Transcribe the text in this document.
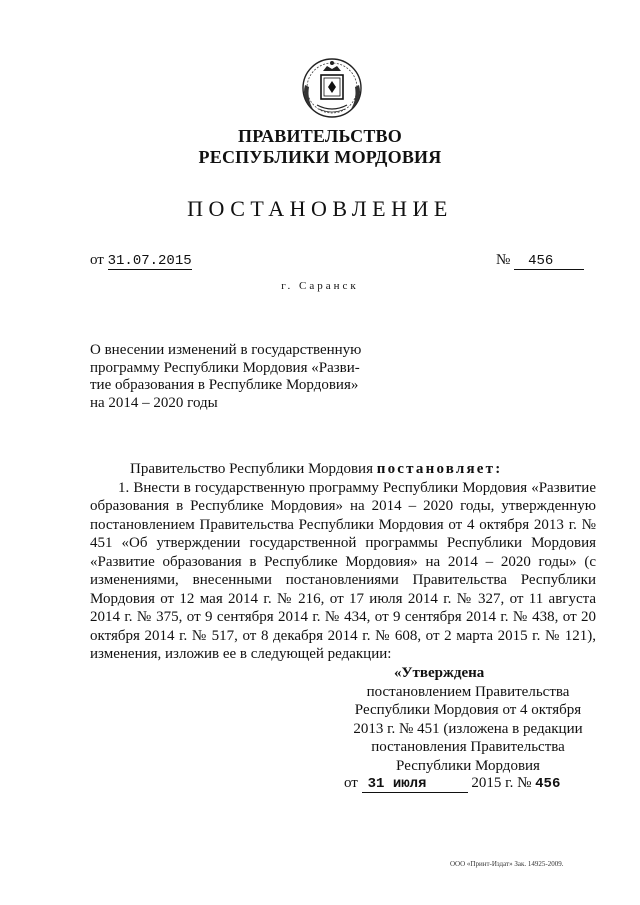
ПРАВИТЕЛЬСТВО
РЕСПУБЛИКИ МОРДОВИЯ
ПОСТАНОВЛЕНИЕ
от 31.07.2015	№ 456
г. Саранск
О внесении изменений в государственную
программу Республики Мордовия «Разви-
тие образования в Республике Мордовия»
на 2014 – 2020 годы

Правительство Республики Мордовия постановляет:

1. Внести в государственную программу Республики Мордовия «Развитие образования в Республике Мордовия» на 2014 – 2020 годы, утвержденную постановлением Правительства Республики Мордовия от 4 октября 2013 г. № 451 «Об утверждении государственной программы Республики Мордовия «Развитие образования в Республике Мордовия» на 2014 – 2020 годы» (с изменениями, внесенными постановлениями Правительства Республики Мордовия от 12 мая 2014 г. № 216, от 17 июля 2014 г. № 327, от 11 августа 2014 г. № 375, от 9 сентября 2014 г. № 434, от 9 сентября 2014 г. № 438, от 20 октября 2014 г. № 517, от 8 декабря 2014 г. № 608, от 2 марта 2015 г. № 121), изменения, изложив ее в следующей редакции:

«Утверждена
постановлением Правительства
Республики Мордовия от 4 октября
2013 г. № 451 (изложена в редакции
постановления Правительства
Республики Мордовия
от 31 июля	2015 г. № 456
ООО «Принт-Издат» Зак. 14925-2009.
